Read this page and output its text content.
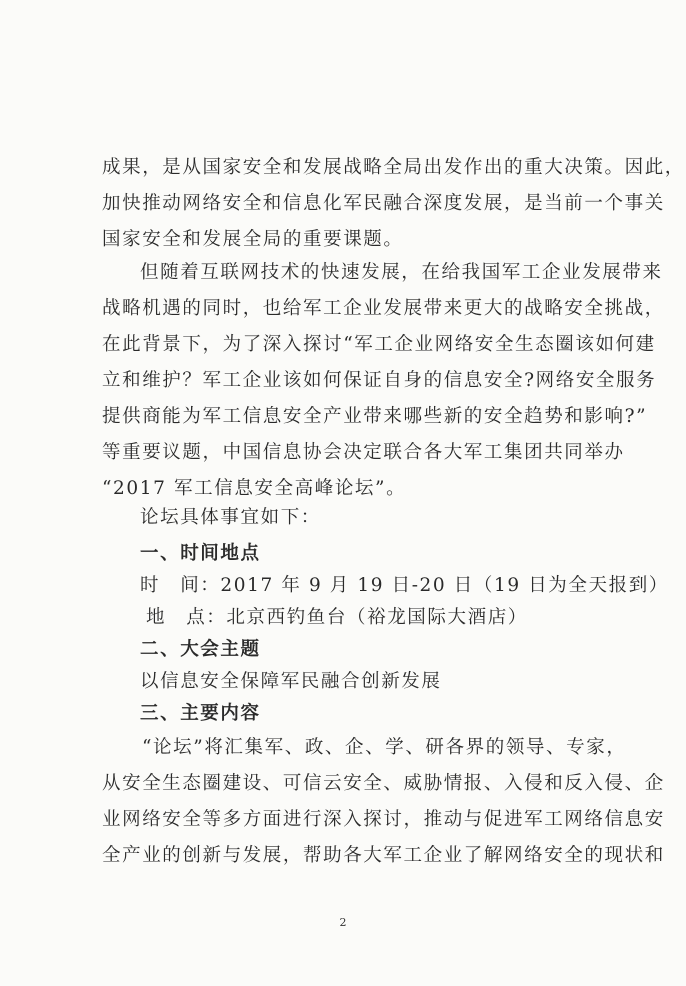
成果，是从国家安全和发展战略全局出发作出的重大决策。因此，
加快推动网络安全和信息化军民融合深度发展，是当前一个事关
国家安全和发展全局的重要课题。
但随着互联网技术的快速发展，在给我国军工企业发展带来
战略机遇的同时，也给军工企业发展带来更大的战略安全挑战，
在此背景下，为了深入探讨“军工企业网络安全生态圈该如何建
立和维护？军工企业该如何保证自身的信息安全?网络安全服务
提供商能为军工信息安全产业带来哪些新的安全趋势和影响?”
等重要议题，中国信息协会决定联合各大军工集团共同举办
“2017 军工信息安全高峰论坛”。
论坛具体事宜如下：
一、时间地点
时　间：2017 年 9 月 19 日-20 日（19 日为全天报到）
地　点：北京西钓鱼台（裕龙国际大酒店）
二、大会主题
以信息安全保障军民融合创新发展
三、主要内容
“论坛”将汇集军、政、企、学、研各界的领导、专家，
从安全生态圈建设、可信云安全、威胁情报、入侵和反入侵、企
业网络安全等多方面进行深入探讨，推动与促进军工网络信息安
全产业的创新与发展，帮助各大军工企业了解网络安全的现状和
2
